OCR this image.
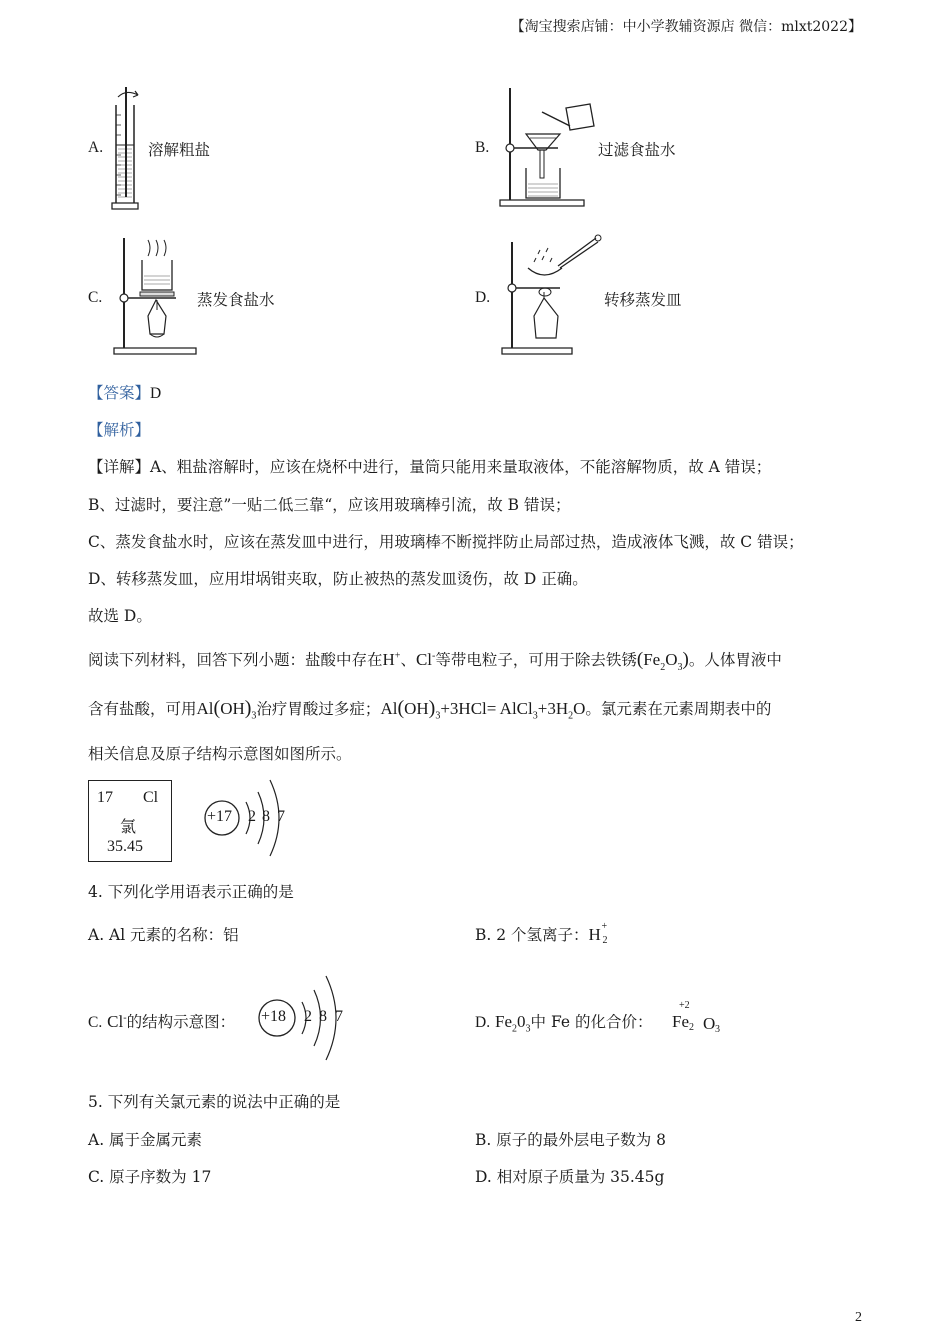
【淘宝搜索店铺：中小学教辅资源店 微信：mlxt2022】
A.	溶解粗盐	B.	过滤食盐水
C.	蒸发食盐水	D.	转移蒸发皿
【答案】D
【解析】
【详解】A、粗盐溶解时，应该在烧杯中进行，量筒只能用来量取液体，不能溶解物质，故 A 错误；
B、过滤时，要注意”一贴二低三靠“，应该用玻璃棒引流，故 B 错误；
C、蒸发食盐水时，应该在蒸发皿中进行，用玻璃棒不断搅拌防止局部过热，造成液体飞溅，故 C 错误；
D、转移蒸发皿，应用坩埚钳夹取，防止被热的蒸发皿烫伤，故 D 正确。
故选 D。
阅读下列材料，回答下列小题：盐酸中存在H+、Cl-等带电粒子，可用于除去铁锈$(Fe_2O_3)$。人体胃液中
含有盐酸，可用$Al(OH)_3$治疗胃酸过多症；$Al(OH)_3+3HCl=$ $AlCl_3+3H_2O$。氯元素在元素周期表中的
相关信息及原子结构示意图如图所示。
17 Cl
氯
35.45
+17 2 8 7
4. 下列化学用语表示正确的是
A. Al 元素的名称：铝	B. 2 个氢离子：H +
2
C. Cl-的结构示意图： +18 2 8 7	D. $Fe_20_3$中 Fe 的化合价：
+2
Fe 2 O 3
5. 下列有关氯元素的说法中正确的是
A. 属于金属元素	B. 原子的最外层电子数为 8
C. 原子序数为 17	D. 相对原子质量为 35.45g
2
